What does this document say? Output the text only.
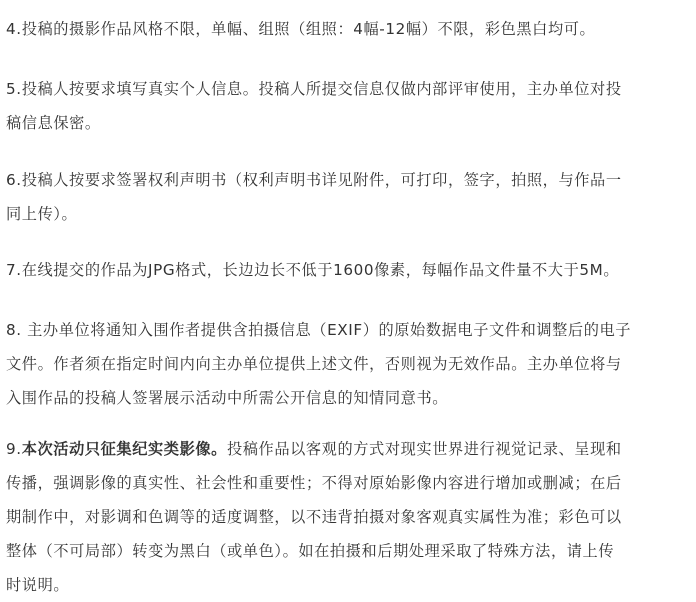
4.投稿的摄影作品风格不限，单幅、组照（组照：4幅-12幅）不限，彩色黑白均可。
5.投稿人按要求填写真实个人信息。投稿人所提交信息仅做内部评审使用，主办单位对投
稿信息保密。
6.投稿人按要求签署权利声明书（权利声明书详见附件，可打印，签字，拍照，与作品一
同上传）。
7.在线提交的作品为JPG格式，长边边长不低于1600像素，每幅作品文件量不大于5M。
8. 主办单位将通知入围作者提供含拍摄信息（EXIF）的原始数据电子文件和调整后的电子
文件。作者须在指定时间内向主办单位提供上述文件，否则视为无效作品。主办单位将与
入围作品的投稿人签署展示活动中所需公开信息的知情同意书。
9.本次活动只征集纪实类影像。投稿作品以客观的方式对现实世界进行视觉记录、呈现和
传播，强调影像的真实性、社会性和重要性；不得对原始影像内容进行增加或删减；在后
期制作中，对影调和色调等的适度调整，以不违背拍摄对象客观真实属性为准；彩色可以
整体（不可局部）转变为黑白（或单色）。如在拍摄和后期处理采取了特殊方法，请上传
时说明。
